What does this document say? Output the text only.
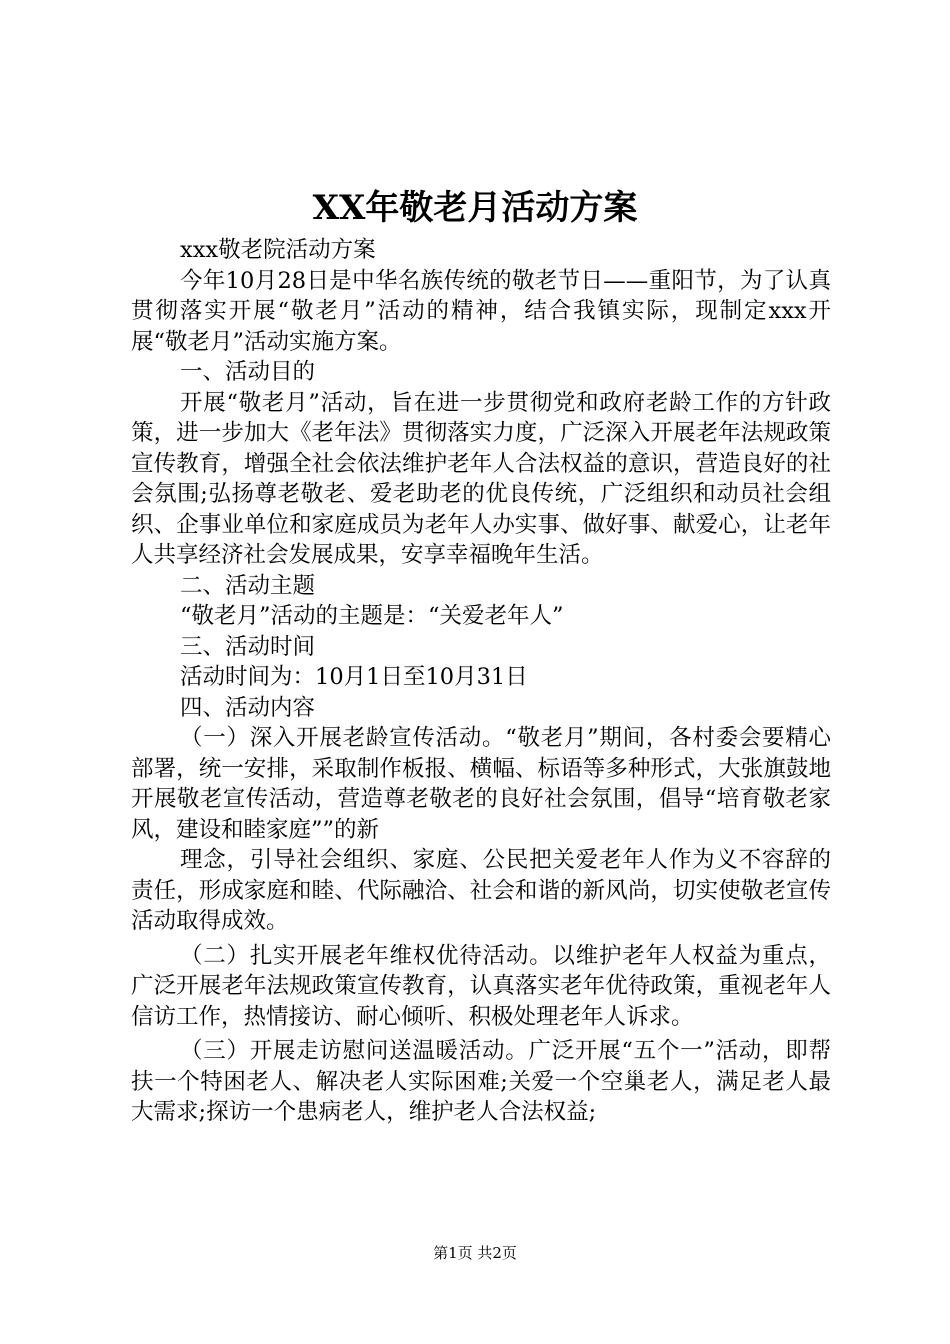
XX年敬老月活动方案

xxx敬老院活动方案

今年10月28日是中华名族传统的敬老节日——重阳节，为了认真贯彻落实开展“敬老月”活动的精神，结合我镇实际，现制定xxx开展“敬老月”活动实施方案。

一、活动目的

开展“敬老月”活动，旨在进一步贯彻党和政府老龄工作的方针政策，进一步加大《老年法》贯彻落实力度，广泛深入开展老年法规政策宣传教育，增强全社会依法维护老年人合法权益的意识，营造良好的社会氛围;弘扬尊老敬老、爱老助老的优良传统，广泛组织和动员社会组织、企事业单位和家庭成员为老年人办实事、做好事、献爱心，让老年人共享经济社会发展成果，安享幸福晚年生活。

二、活动主题

“敬老月”活动的主题是：“关爱老年人”

三、活动时间

活动时间为：10月1日至10月31日

四、活动内容

（一）深入开展老龄宣传活动。“敬老月”期间，各村委会要精心部署，统一安排，采取制作板报、横幅、标语等多种形式，大张旗鼓地开展敬老宣传活动，营造尊老敬老的良好社会氛围，倡导“培育敬老家风，建设和睦家庭””的新

理念，引导社会组织、家庭、公民把关爱老年人作为义不容辞的责任，形成家庭和睦、代际融洽、社会和谐的新风尚，切实使敬老宣传活动取得成效。

（二）扎实开展老年维权优待活动。以维护老年人权益为重点，广泛开展老年法规政策宣传教育，认真落实老年优待政策，重视老年人信访工作，热情接访、耐心倾听、积极处理老年人诉求。

（三）开展走访慰问送温暖活动。广泛开展“五个一”活动，即帮扶一个特困老人、解决老人实际困难;关爱一个空巢老人，满足老人最大需求;探访一个患病老人，维护老人合法权益;

第1页 共2页
